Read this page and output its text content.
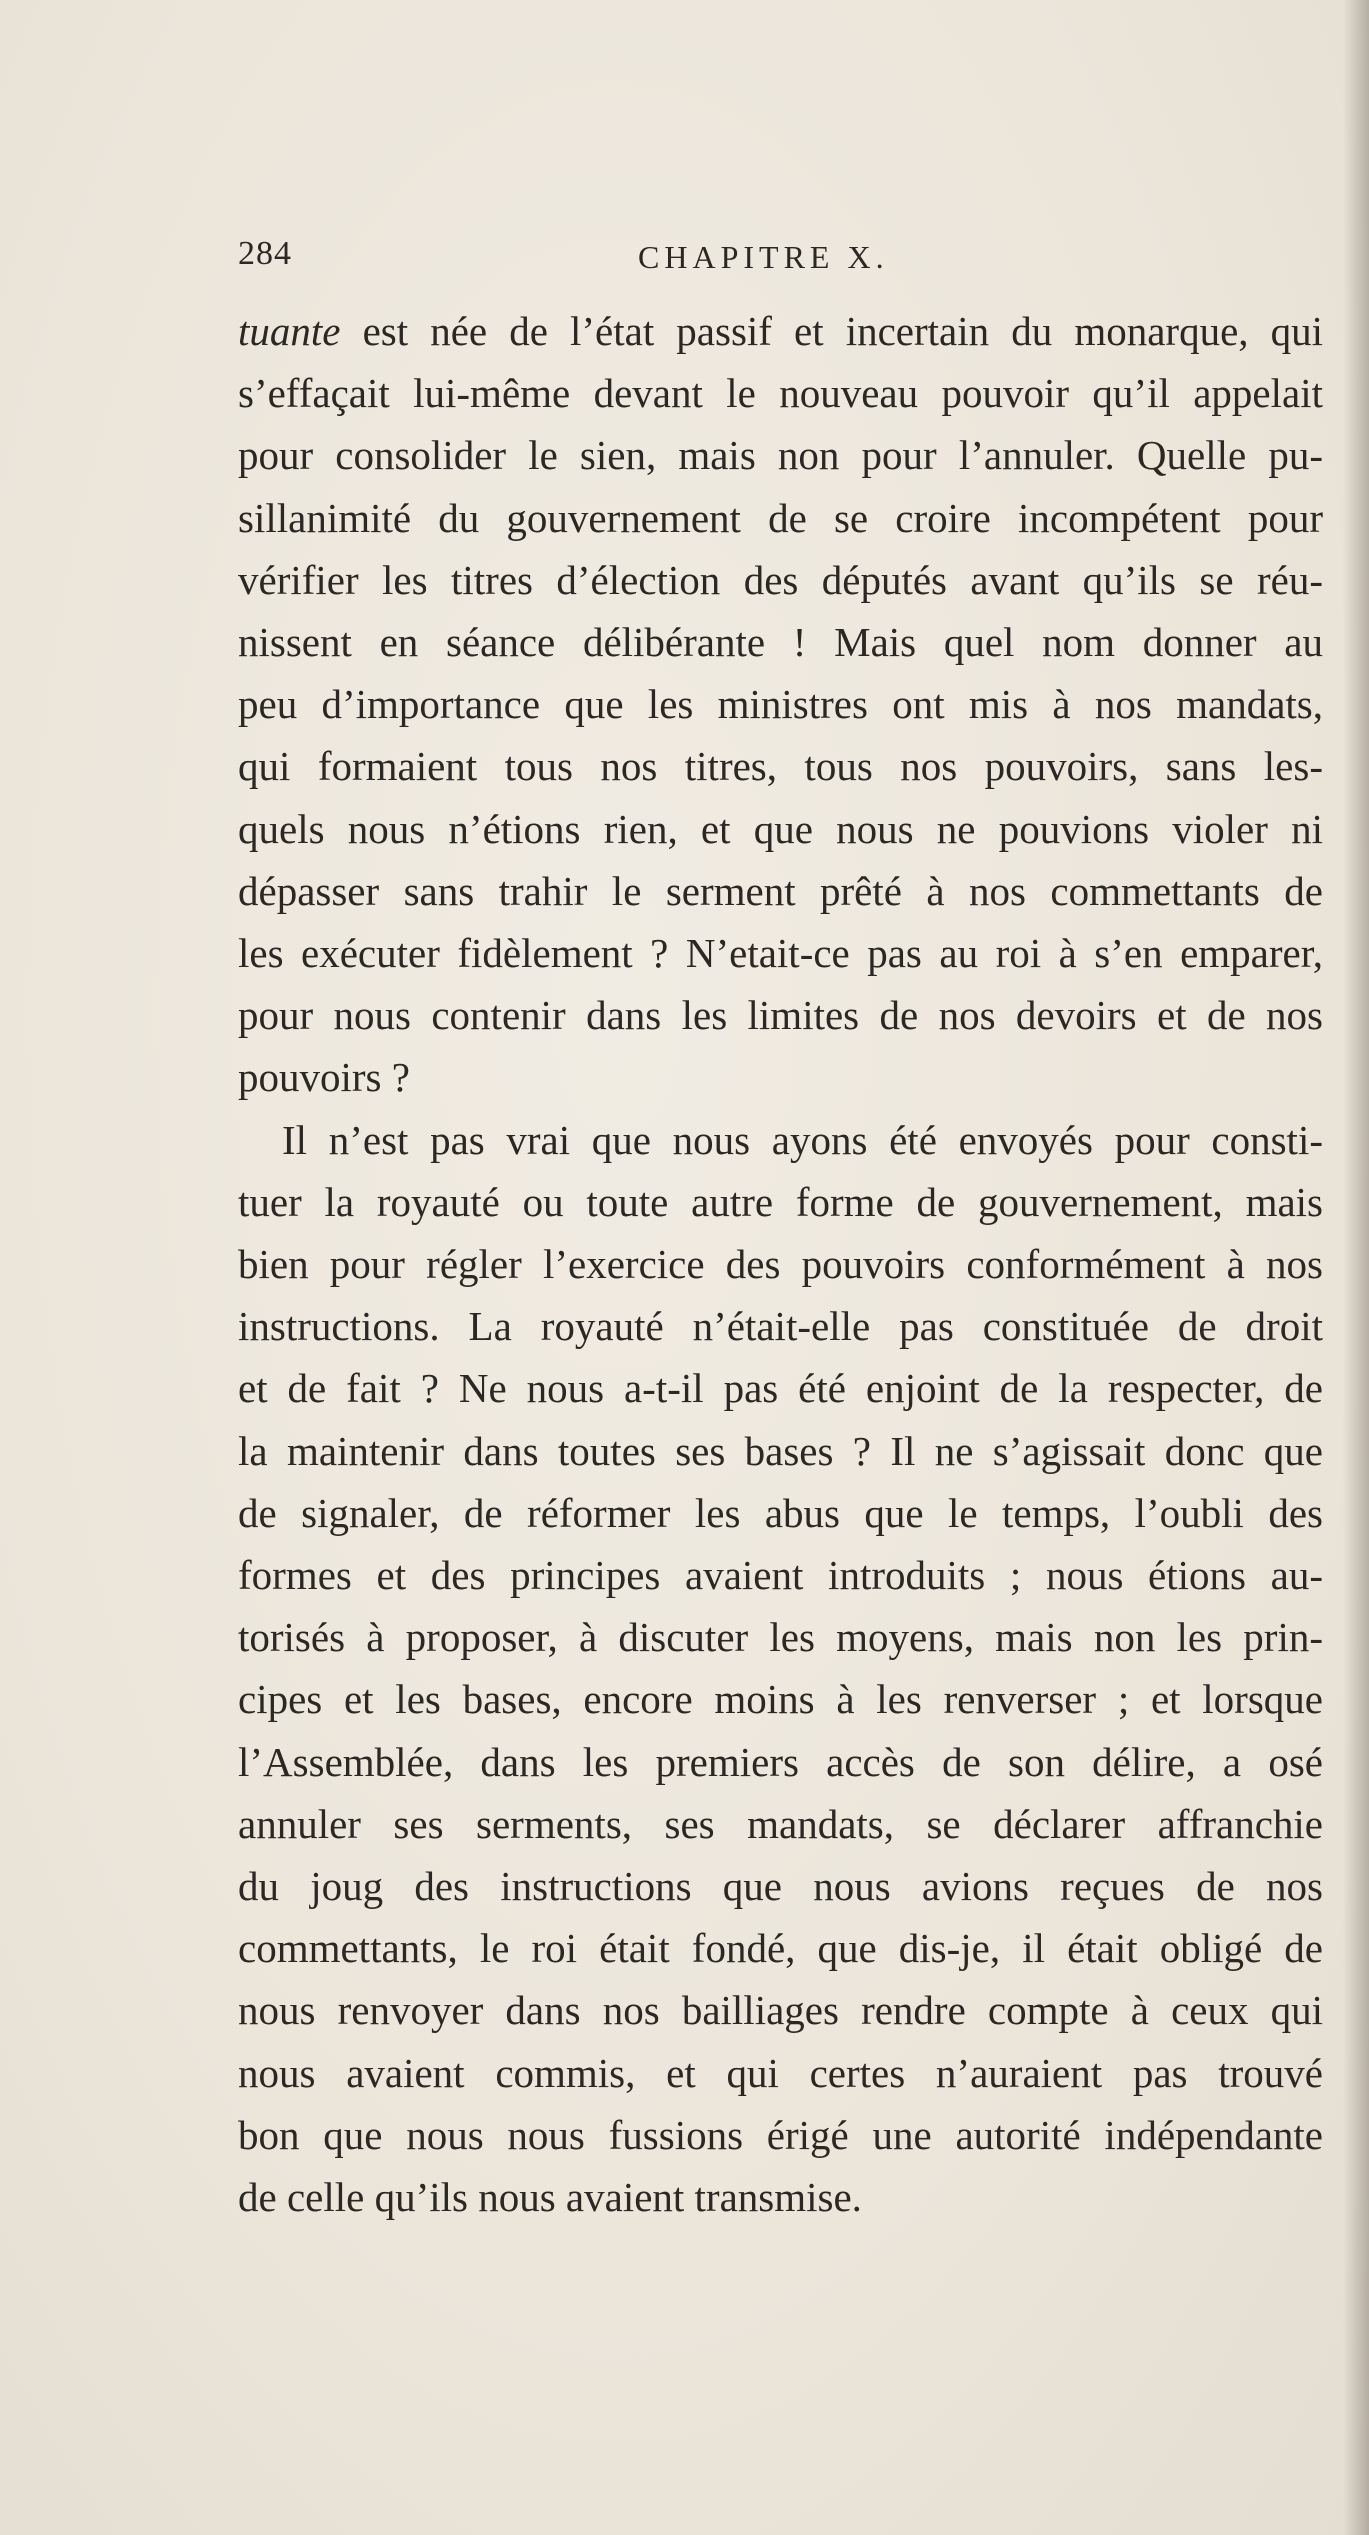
284	CHAPITRE X.
tuante est née de l’état passif et incertain du monarque, qui
s’effaçait lui-même devant le nouveau pouvoir qu’il appelait
pour consolider le sien, mais non pour l’annuler. Quelle pu-
sillanimité du gouvernement de se croire incompétent pour
vérifier les titres d’élection des députés avant qu’ils se réu-
nissent en séance délibérante ! Mais quel nom donner au
peu d’importance que les ministres ont mis à nos mandats,
qui formaient tous nos titres, tous nos pouvoirs, sans les-
quels nous n’étions rien, et que nous ne pouvions violer ni
dépasser sans trahir le serment prêté à nos commettants de
les exécuter fidèlement ? N’etait-ce pas au roi à s’en emparer,
pour nous contenir dans les limites de nos devoirs et de nos
pouvoirs ?
Il n’est pas vrai que nous ayons été envoyés pour consti-
tuer la royauté ou toute autre forme de gouvernement, mais
bien pour régler l’exercice des pouvoirs conformément à nos
instructions. La royauté n’était-elle pas constituée de droit
et de fait ? Ne nous a-t-il pas été enjoint de la respecter, de
la maintenir dans toutes ses bases ? Il ne s’agissait donc que
de signaler, de réformer les abus que le temps, l’oubli des
formes et des principes avaient introduits ; nous étions au-
torisés à proposer, à discuter les moyens, mais non les prin-
cipes et les bases, encore moins à les renverser ; et lorsque
l’Assemblée, dans les premiers accès de son délire, a osé
annuler ses serments, ses mandats, se déclarer affranchie
du joug des instructions que nous avions reçues de nos
commettants, le roi était fondé, que dis-je, il était obligé de
nous renvoyer dans nos bailliages rendre compte à ceux qui
nous avaient commis, et qui certes n’auraient pas trouvé
bon que nous nous fussions érigé une autorité indépendante
de celle qu’ils nous avaient transmise.
